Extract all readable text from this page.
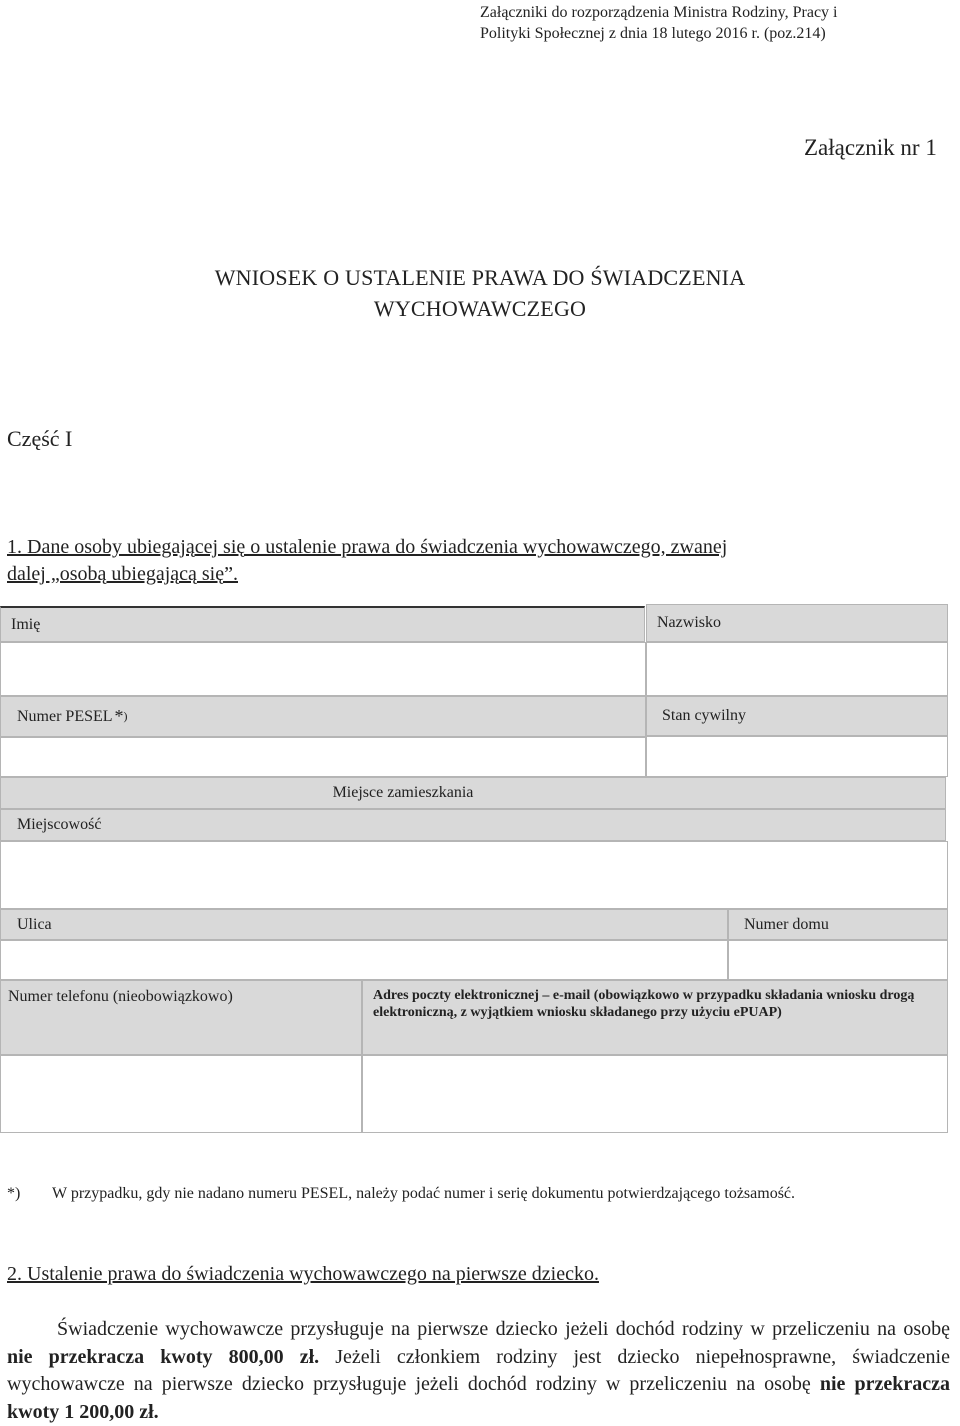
Załączniki do rozporządzenia Ministra Rodziny, Pracy i
Polityki Społecznej z dnia 18 lutego 2016 r. (poz.214)
Załącznik nr 1
WNIOSEK O USTALENIE PRAWA DO ŚWIADCZENIA
WYCHOWAWCZEGO
Część I
1. Dane osoby ubiegającej się o ustalenie prawa do świadczenia wychowawczego, zwanej
dalej „osobą ubiegającą się”.
Imię	Nazwisko
Numer PESEL * )	Stan cywilny
Miejsce zamieszkania
Miejscowość
Ulica	Numer domu
Numer telefonu (nieobowiązkowo)	Adres poczty elektronicznej – e-mail (obowiązkowo w przypadku składania wniosku drogą elektroniczną, z wyjątkiem wniosku składanego przy użyciu ePUAP)
*) W przypadku, gdy nie nadano numeru PESEL, należy podać numer i serię dokumentu potwierdzającego tożsamość.
2. Ustalenie prawa do świadczenia wychowawczego na pierwsze dziecko.
Świadczenie wychowawcze przysługuje na pierwsze dziecko jeżeli dochód rodziny w przeliczeniu na osobę nie przekracza kwoty 800,00 zł. Jeżeli członkiem rodziny jest dziecko niepełnosprawne, świadczenie wychowawcze na pierwsze dziecko przysługuje jeżeli dochód rodziny w przeliczeniu na osobę nie przekracza kwoty 1 200,00 zł.
